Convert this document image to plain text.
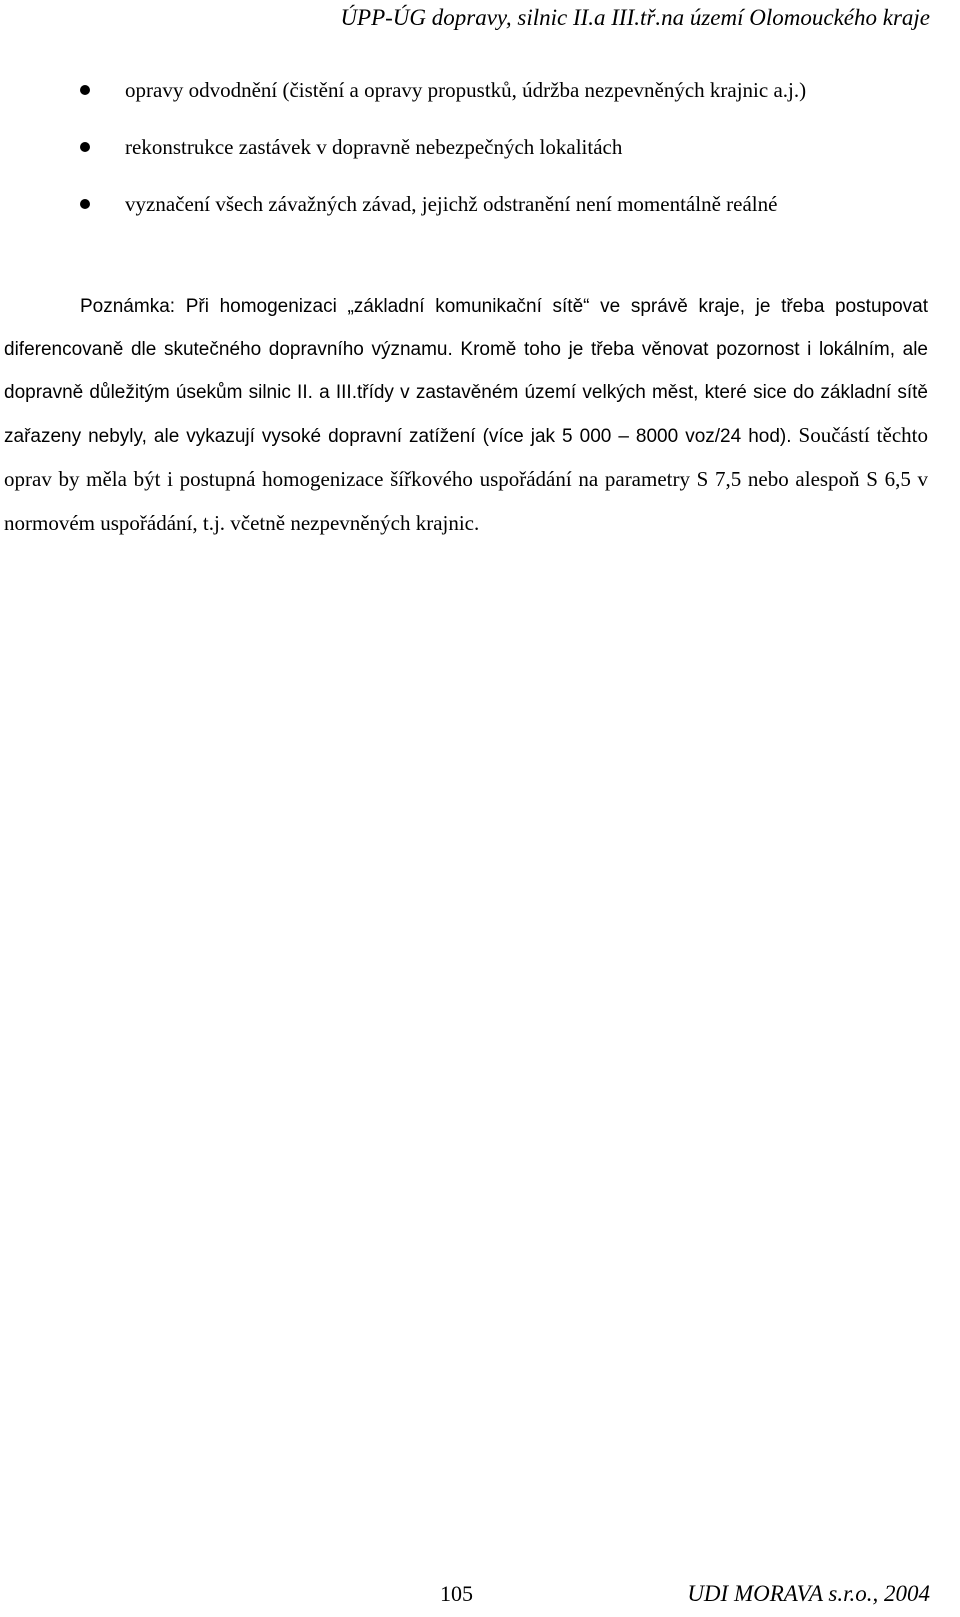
ÚPP-ÚG dopravy, silnic II.a III.tř.na území Olomouckého kraje
opravy odvodnění (čistění a opravy propustků, údržba nezpevněných krajnic a.j.)
rekonstrukce zastávek v dopravně nebezpečných lokalitách
vyznačení všech závažných závad, jejichž odstranění není momentálně reálné

Poznámka: Při homogenizaci „základní komunikační sítě“ ve správě kraje, je třeba postupovat diferencovaně dle skutečného dopravního významu. Kromě toho je třeba věnovat pozornost i lokálním, ale dopravně důležitým úsekům silnic II. a III.třídy v zastavěném území velkých měst, které sice do základní sítě zařazeny nebyly, ale vykazují vysoké dopravní zatížení (více jak 5 000 – 8000 voz/24 hod). Součástí těchto oprav by měla být i postupná homogenizace šířkového uspořádání na parametry S 7,5 nebo alespoň S 6,5 v normovém uspořádání, t.j. včetně nezpevněných krajnic.

105	UDI MORAVA s.r.o., 2004
